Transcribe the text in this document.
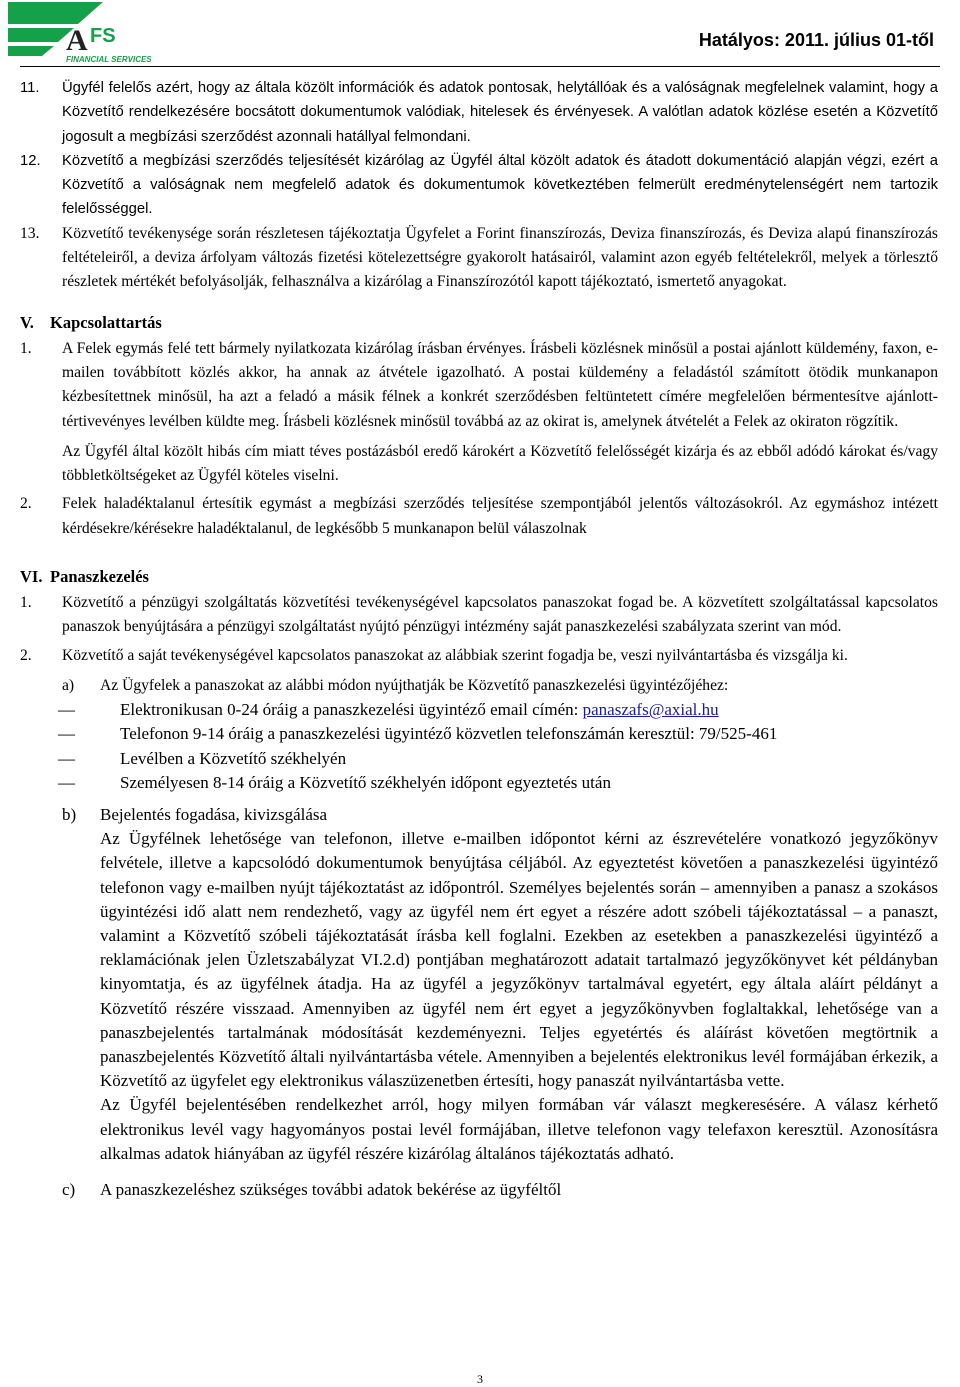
A FS
FINANCIAL SERVICES
Hatályos: 2011. július 01-től
11. Ügyfél felelős azért, hogy az általa közölt információk és adatok pontosak, helytállóak és a valóságnak megfelelnek valamint, hogy a Közvetítő rendelkezésére bocsátott dokumentumok valódiak, hitelesek és érvényesek. A valótlan adatok közlése esetén a Közvetítő jogosult a megbízási szerződést azonnali hatállyal felmondani.
12. Közvetítő a megbízási szerződés teljesítését kizárólag az Ügyfél által közölt adatok és átadott dokumentáció alapján végzi, ezért a Közvetítő a valóságnak nem megfelelő adatok és dokumentumok következtében felmerült eredménytelenségért nem tartozik felelősséggel.
13. Közvetítő tevékenysége során részletesen tájékoztatja Ügyfelet a Forint finanszírozás, Deviza finanszírozás, és Deviza alapú finanszírozás feltételeiről, a deviza árfolyam változás fizetési kötelezettségre gyakorolt hatásairól, valamint azon egyéb feltételekről, melyek a törlesztő részletek mértékét befolyásolják, felhasználva a kizárólag a Finanszírozótól kapott tájékoztató, ismertető anyagokat.
V. Kapcsolattartás
1. A Felek egymás felé tett bármely nyilatkozata kizárólag írásban érvényes. Írásbeli közlésnek minősül a postai ajánlott küldemény, faxon, e-mailen továbbított közlés akkor, ha annak az átvétele igazolható. A postai küldemény a feladástól számított ötödik munkanapon kézbesítettnek minősül, ha azt a feladó a másik félnek a konkrét szerződésben feltüntetett címére megfelelően bérmentesítve ajánlott-tértivevényes levélben küldte meg. Írásbeli közlésnek minősül továbbá az az okirat is, amelynek átvételét a Felek az okiraton rögzítik.
Az Ügyfél által közölt hibás cím miatt téves postázásból eredő károkért a Közvetítő felelősségét kizárja és az ebből adódó károkat és/vagy többletköltségeket az Ügyfél köteles viselni.
2. Felek haladéktalanul értesítik egymást a megbízási szerződés teljesítése szempontjából jelentős változásokról. Az egymáshoz intézett kérdésekre/kérésekre haladéktalanul, de legkésőbb 5 munkanapon belül válaszolnak
VI. Panaszkezelés
1. Közvetítő a pénzügyi szolgáltatás közvetítési tevékenységével kapcsolatos panaszokat fogad be. A közvetített szolgáltatással kapcsolatos panaszok benyújtására a pénzügyi szolgáltatást nyújtó pénzügyi intézmény saját panaszkezelési szabályzata szerint van mód.
2. Közvetítő a saját tevékenységével kapcsolatos panaszokat az alábbiak szerint fogadja be, veszi nyilvántartásba és vizsgálja ki.
a) Az Ügyfelek a panaszokat az alábbi módon nyújthatják be Közvetítő panaszkezelési ügyintézőjéhez:
—	Elektronikusan 0-24 óráig a panaszkezelési ügyintéző email címén: panaszafs@axial.hu
—	Telefonon 9-14 óráig a panaszkezelési ügyintéző közvetlen telefonszámán keresztül: 79/525-461
—	Levélben a Közvetítő székhelyén
—	Személyesen 8-14 óráig a Közvetítő székhelyén időpont egyeztetés után
b) Bejelentés fogadása, kivizsgálása
Az Ügyfélnek lehetősége van telefonon, illetve e-mailben időpontot kérni az észrevételére vonatkozó jegyzőkönyv felvétele, illetve a kapcsolódó dokumentumok benyújtása céljából. Az egyeztetést követően a panaszkezelési ügyintéző telefonon vagy e-mailben nyújt tájékoztatást az időpontról. Személyes bejelentés során – amennyiben a panasz a szokásos ügyintézési idő alatt nem rendezhető, vagy az ügyfél nem ért egyet a részére adott szóbeli tájékoztatással – a panaszt, valamint a Közvetítő szóbeli tájékoztatását írásba kell foglalni. Ezekben az esetekben a panaszkezelési ügyintéző a reklamációnak jelen Üzletszabályzat VI.2.d) pontjában meghatározott adatait tartalmazó jegyzőkönyvet két példányban kinyomtatja, és az ügyfélnek átadja. Ha az ügyfél a jegyzőkönyv tartalmával egyetért, egy általa aláírt példányt a Közvetítő részére visszaad. Amennyiben az ügyfél nem ért egyet a jegyzőkönyvben foglaltakkal, lehetősége van a panaszbejelentés tartalmának módosítását kezdeményezni. Teljes egyetértés és aláírást követően megtörtnik a panaszbejelentés Közvetítő általi nyilvántartásba vétele. Amennyiben a bejelentés elektronikus levél formájában érkezik, a Közvetítő az ügyfelet egy elektronikus válaszüzenetben értesíti, hogy panaszát nyilvántartásba vette.
Az Ügyfél bejelentésében rendelkezhet arról, hogy milyen formában vár választ megkeresésére. A válasz kérhető elektronikus levél vagy hagyományos postai levél formájában, illetve telefonon vagy telefaxon keresztül. Azonosításra alkalmas adatok hiányában az ügyfél részére kizárólag általános tájékoztatás adható.
c) A panaszkezeléshez szükséges további adatok bekérése az ügyféltől
3
